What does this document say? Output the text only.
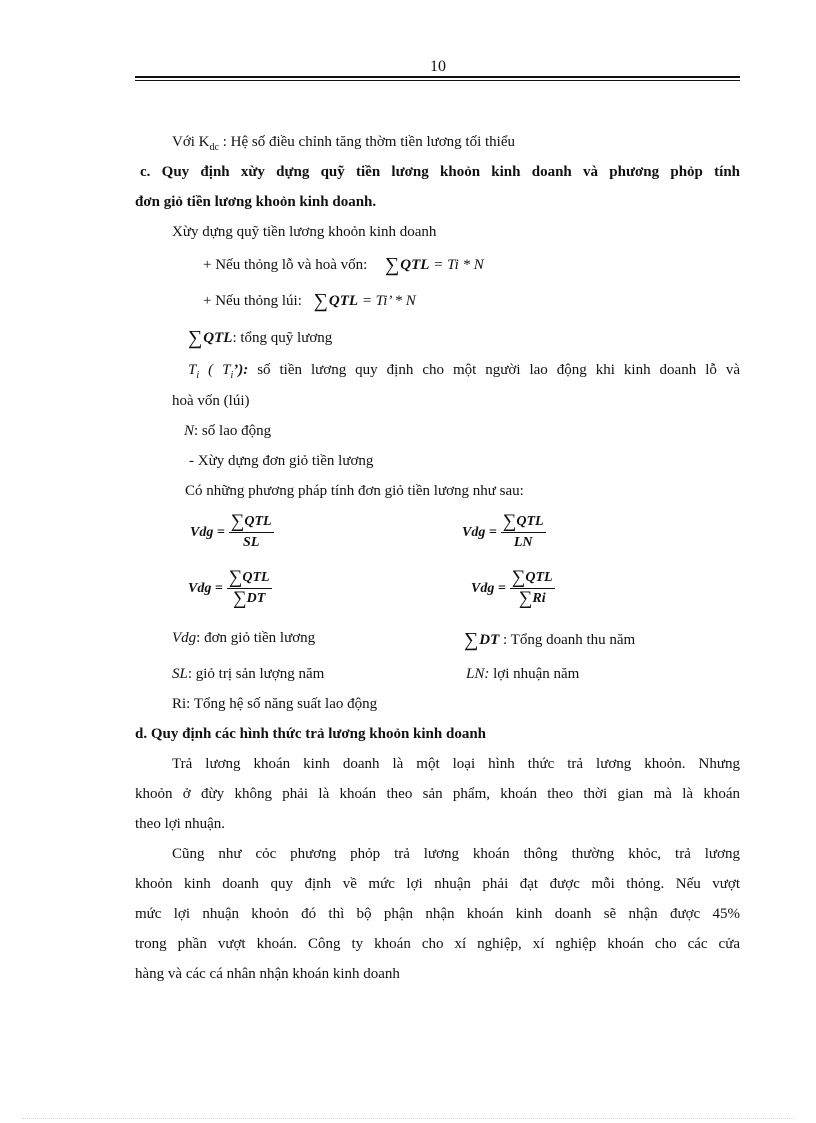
10
Với $K_{dc}$ : Hệ số điều chỉnh tăng thờm tiền lương tối thiểu
c. Quy định xừy dựng quỹ tiền lương khoỏn kinh doanh và phương phỏp tính
đơn giỏ tiền lương khoỏn kinh doanh.
Xừy dựng quỹ tiền lương khoỏn kinh doanh
+ Nếu thỏng lỗ và hoà vốn: ∑QTL = Ti * N
+ Nếu thỏng lúi: ∑QTL = Ti’ * N
∑QTL: tổng quỹ lương
$T_i$ ( $T_i$’): số tiền lương quy định cho một người lao động khi kinh doanh lỗ và
hoà vốn (lúi)
N: số lao động
- Xừy dựng đơn giỏ tiền lương
Có những phương pháp tính đơn giỏ tiền lương như sau:
Vdg = $\frac{\text{∑QTL}}{SL}$	Vdg = $\frac{\text{∑QTL}}{LN}$
Vdg = $\frac{\text{∑QTL}}{\sum DT}$	Vdg = $\frac{\text{∑QTL}}{\sum Ri}$
Vdg: đơn giỏ tiền lương	∑DT : Tổng doanh thu năm
SL: giỏ trị sản lượng năm	LN: lợi nhuận năm
Ri: Tổng hệ số năng suất lao động
d. Quy định các hình thức trả lương khoỏn kinh doanh
Trả lương khoán kinh doanh là một loại hình thức trả lương khoỏn. Nhưng
khoỏn ở đừy không phải là khoán theo sản phẩm, khoán theo thời gian mà là khoán
theo lợi nhuận.
Cũng như cỏc phương phỏp trả lương khoán thông thường khỏc, trả lương
khoỏn kinh doanh quy định về mức lợi nhuận phải đạt được mỗi thỏng. Nếu vượt
mức lợi nhuận khoỏn đó thì bộ phận nhận khoán kinh doanh sẽ nhận được 45%
trong phần vượt khoán. Công ty khoán cho xí nghiệp, xí nghiệp khoán cho các cửa
hàng và các cá nhân nhận khoán kinh doanh
